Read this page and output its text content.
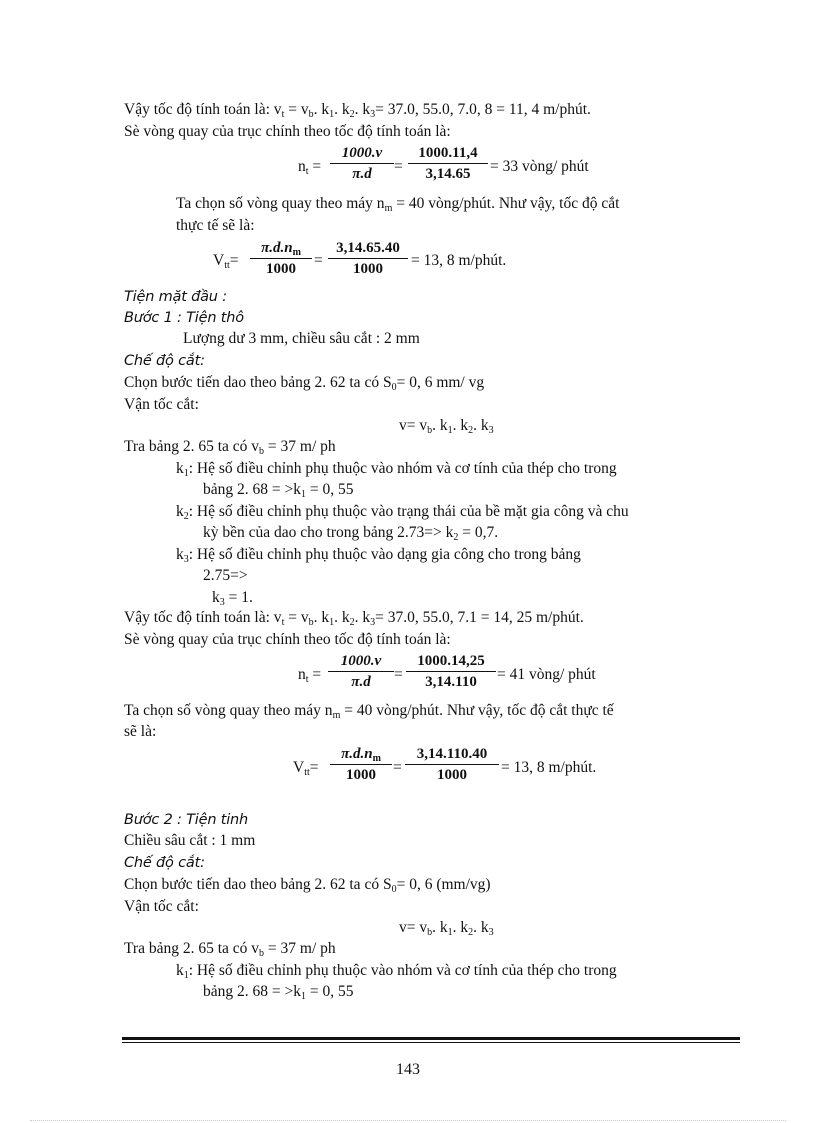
Vậy tốc độ tính toán là: $v_t = v_b$. $k_1$. $k_2$. $k_3= 37.0$, 55.0, 7.0, 8 = 11, 4 m/phút.
Sè vòng quay của trục chính theo tốc độ tính toán là:
$n_t = \frac{1000.v}{\pi.d} = \frac{1000.11,4}{3,14.65} = 33$ vòng/ phút
Ta chọn số vòng quay theo máy $n_m = 40$ vòng/phút. Như vậy, tốc độ cắt
thực tế sẽ là:
$V_{tt}= \frac{\pi.d.n_m}{1000} = \frac{3,14.65.40}{1000} = 13$, 8 m/phút.
Tiện mặt đầu :
Bước 1 : Tiện thô
Lượng dư 3 mm, chiều sâu cắt : 2 mm
Chế độ cắt:
Chọn bước tiến dao theo bảng 2. 62 ta có $S_0= 0$, 6 mm/ vg
Vận tốc cắt:
$v= v_b$. $k_1$. $k_2$. $k_3$
Tra bảng 2. 65 ta có $v_b = 37$ m/ ph
$k_1$: Hệ số điều chỉnh phụ thuộc vào nhóm và cơ tính của thép cho trong
bảng 2. $68 = >k_1 = 0$, 55
$k_2$: Hệ số điều chỉnh phụ thuộc vào trạng thái của bề mặt gia công và chu
kỳ bền của dao cho trong bảng $2.73=> k_2 = 0,7$.
$k_3$: Hệ số điều chỉnh phụ thuộc vào dạng gia công cho trong bảng
2.75=>
$k_3 = 1$.
Vậy tốc độ tính toán là: $v_t = v_b$. $k_1$. $k_2$. $k_3= 37.0$, 55.0, 7.1 = 14, 25 m/phút.
Sè vòng quay của trục chính theo tốc độ tính toán là:
$n_t = \frac{1000.v}{\pi.d} = \frac{1000.14,25}{3,14.110} = 41$ vòng/ phút
Ta chọn số vòng quay theo máy $n_m = 40$ vòng/phút. Như vậy, tốc độ cắt thực tế
sẽ là:
$V_{tt}= \frac{\pi.d.n_m}{1000} = \frac{3,14.110.40}{1000} = 13$, 8 m/phút.
Bước 2 : Tiện tinh
Chiều sâu cắt : 1 mm
Chế độ cắt:
Chọn bước tiến dao theo bảng 2. 62 ta có $S_0= 0$, 6 (mm/vg)
Vận tốc cắt:
$v= v_b$. $k_1$. $k_2$. $k_3$
Tra bảng 2. 65 ta có $v_b = 37$ m/ ph
$k_1$: Hệ số điều chỉnh phụ thuộc vào nhóm và cơ tính của thép cho trong
bảng 2. $68 = >k_1 = 0$, 55
143
